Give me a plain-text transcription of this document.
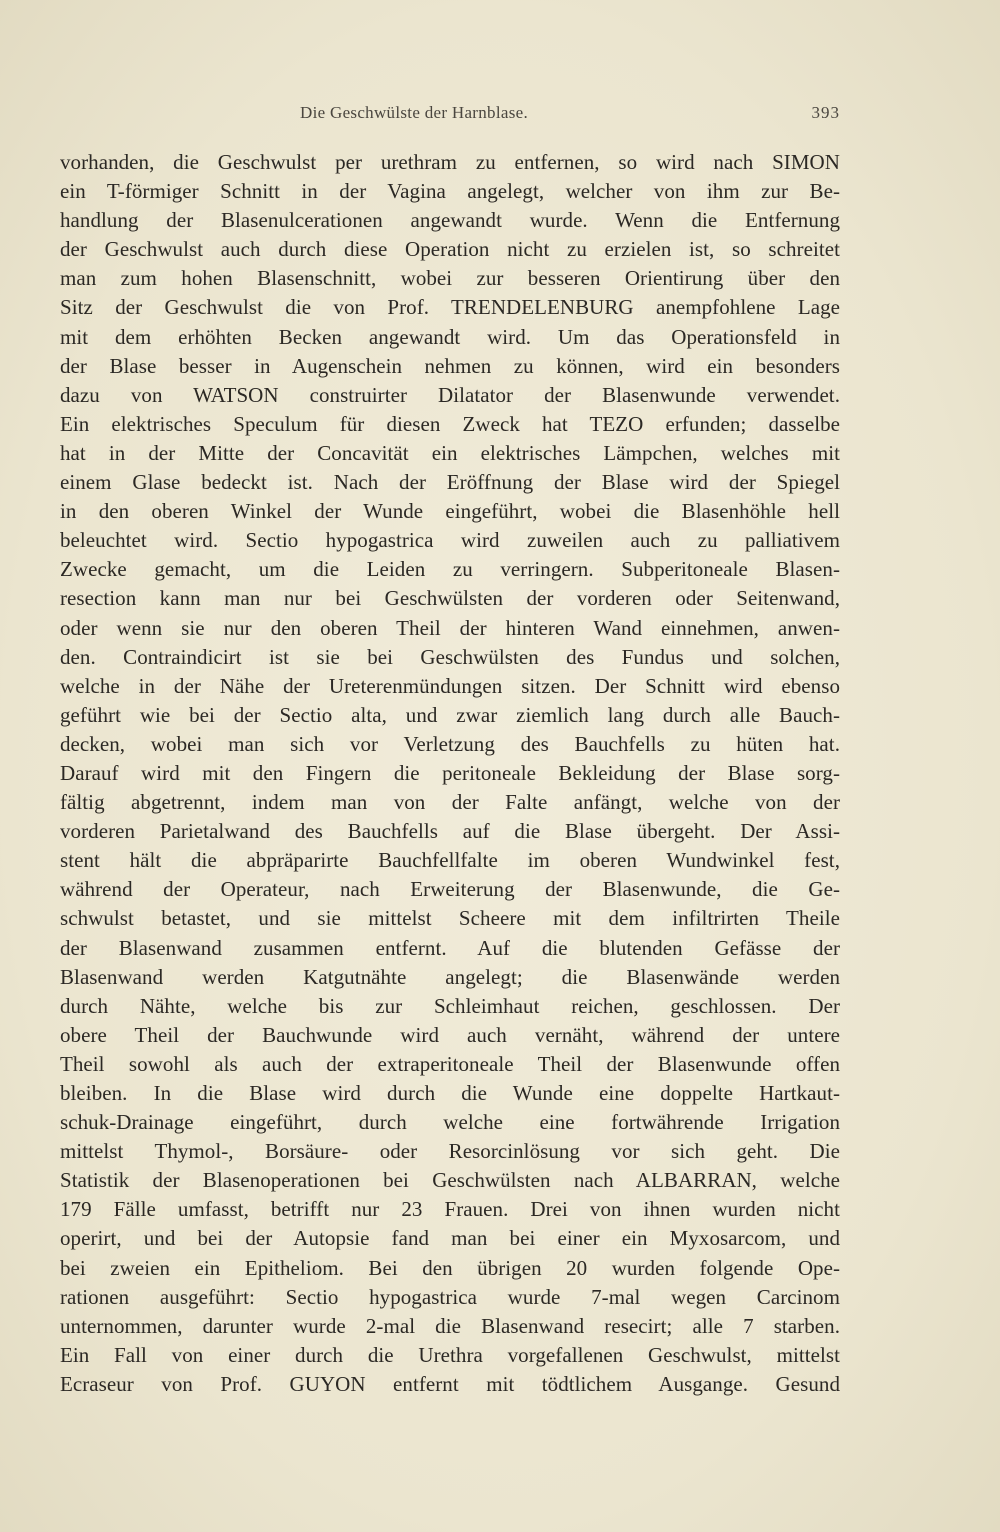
Die Geschwülste der Harnblase.	393
vorhanden, die Geschwulst per urethram zu entfernen, so wird nach SIMON
ein T-förmiger Schnitt in der Vagina angelegt, welcher von ihm zur Be-
handlung der Blasenulcerationen angewandt wurde. Wenn die Entfernung
der Geschwulst auch durch diese Operation nicht zu erzielen ist, so schreitet
man zum hohen Blasenschnitt, wobei zur besseren Orientirung über den
Sitz der Geschwulst die von Prof. TRENDELENBURG anempfohlene Lage
mit dem erhöhten Becken angewandt wird. Um das Operationsfeld in
der Blase besser in Augenschein nehmen zu können, wird ein besonders
dazu von WATSON construirter Dilatator der Blasenwunde verwendet.
Ein elektrisches Speculum für diesen Zweck hat TEZO erfunden; dasselbe
hat in der Mitte der Concavität ein elektrisches Lämpchen, welches mit
einem Glase bedeckt ist. Nach der Eröffnung der Blase wird der Spiegel
in den oberen Winkel der Wunde eingeführt, wobei die Blasenhöhle hell
beleuchtet wird. Sectio hypogastrica wird zuweilen auch zu palliativem
Zwecke gemacht, um die Leiden zu verringern. Subperitoneale Blasen-
resection kann man nur bei Geschwülsten der vorderen oder Seitenwand,
oder wenn sie nur den oberen Theil der hinteren Wand einnehmen, anwen-
den. Contraindicirt ist sie bei Geschwülsten des Fundus und solchen,
welche in der Nähe der Ureterenmündungen sitzen. Der Schnitt wird ebenso
geführt wie bei der Sectio alta, und zwar ziemlich lang durch alle Bauch-
decken, wobei man sich vor Verletzung des Bauchfells zu hüten hat.
Darauf wird mit den Fingern die peritoneale Bekleidung der Blase sorg-
fältig abgetrennt, indem man von der Falte anfängt, welche von der
vorderen Parietalwand des Bauchfells auf die Blase übergeht. Der Assi-
stent hält die abpräparirte Bauchfellfalte im oberen Wundwinkel fest,
während der Operateur, nach Erweiterung der Blasenwunde, die Ge-
schwulst betastet, und sie mittelst Scheere mit dem infiltrirten Theile
der Blasenwand zusammen entfernt. Auf die blutenden Gefässe der
Blasenwand werden Katgutnähte angelegt; die Blasenwände werden
durch Nähte, welche bis zur Schleimhaut reichen, geschlossen. Der
obere Theil der Bauchwunde wird auch vernäht, während der untere
Theil sowohl als auch der extraperitoneale Theil der Blasenwunde offen
bleiben. In die Blase wird durch die Wunde eine doppelte Hartkaut-
schuk-Drainage eingeführt, durch welche eine fortwährende Irrigation
mittelst Thymol-, Borsäure- oder Resorcinlösung vor sich geht. Die
Statistik der Blasenoperationen bei Geschwülsten nach ALBARRAN, welche
179 Fälle umfasst, betrifft nur 23 Frauen. Drei von ihnen wurden nicht
operirt, und bei der Autopsie fand man bei einer ein Myxosarcom, und
bei zweien ein Epitheliom. Bei den übrigen 20 wurden folgende Ope-
rationen ausgeführt: Sectio hypogastrica wurde 7-mal wegen Carcinom
unternommen, darunter wurde 2-mal die Blasenwand resecirt; alle 7 starben.
Ein Fall von einer durch die Urethra vorgefallenen Geschwulst, mittelst
Ecraseur von Prof. GUYON entfernt mit tödtlichem Ausgange. Gesund
